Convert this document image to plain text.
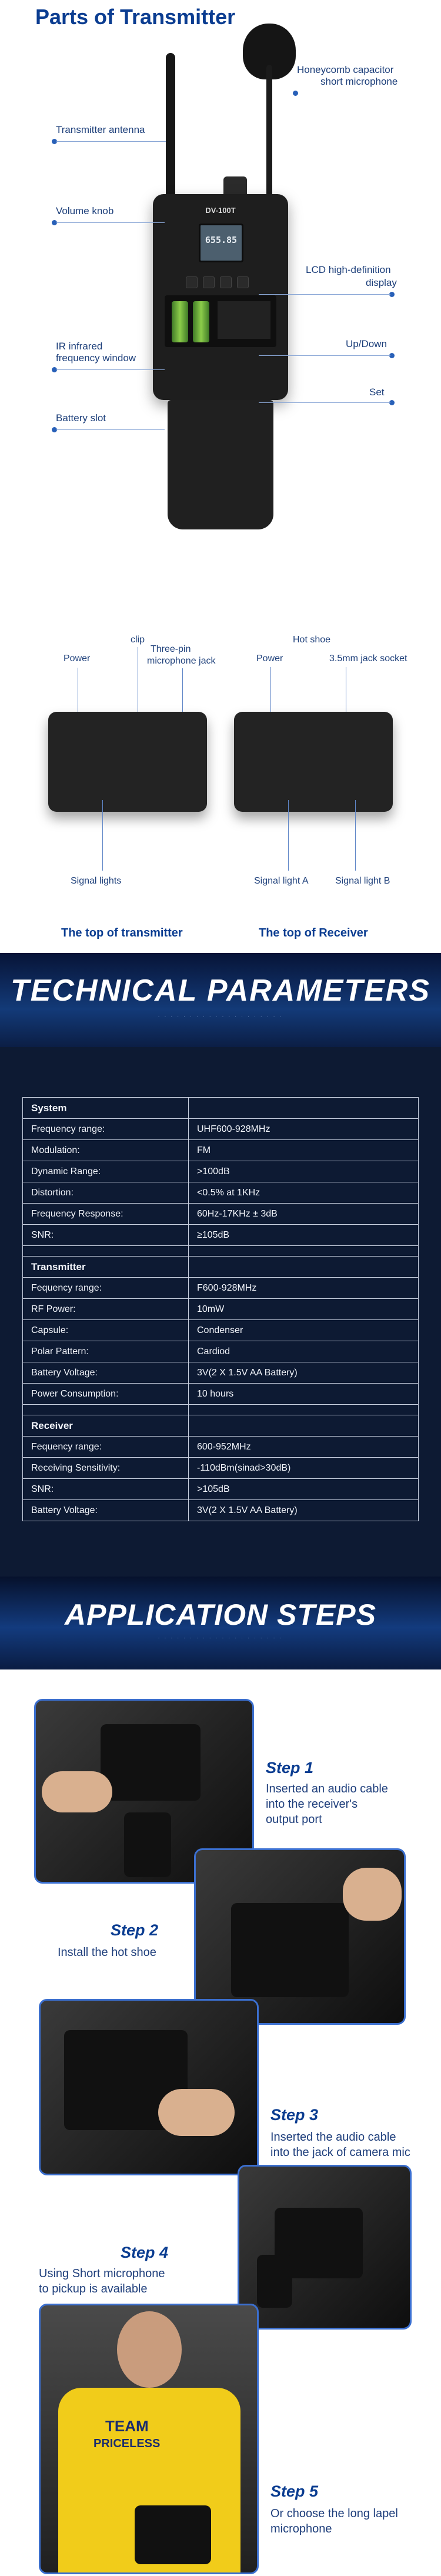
Parts of Transmitter
DV-100T
655.85
Transmitter antenna
Volume knob
IR infrared
frequency window
Battery slot
Honeycomb capacitor
short microphone
LCD high-definition
display
Up/Down
Set
Power
clip
Three-pin
microphone jack
Hot shoe
Power	3.5mm jack socket
Signal lights	Signal light A	Signal light B
The top of transmitter	The top of Receiver
TECHNICAL PARAMETERS
· · · · · · · · · · · · · · · · · · · ·
System	
Frequency range:	UHF600-928MHz
Modulation:	FM
Dynamic Range:	>100dB
Distortion:	<0.5% at 1KHz
Frequency Response:	60Hz-17KHz ± 3dB
SNR:	≥105dB

Transmitter	
Fequency range:	F600-928MHz
RF Power:	10mW
Capsule:	Condenser
Polar Pattern:	Cardiod
Battery Voltage:	3V(2 X 1.5V AA Battery)
Power Consumption:	10 hours

Receiver	
Fequency range:	600-952MHz
Receiving Sensitivity:	-110dBm(sinad>30dB)
SNR:	>105dB
Battery Voltage:	3V(2 X 1.5V AA Battery)
APPLICATION STEPS
· · · · · · · · · · · · · · · · · · · ·
Step 1
Inserted an audio cable
into the receiver's
output port
Step 2
Install the hot shoe
Step 3
Inserted the audio cable
into the jack of camera mic
Step 4
Using Short microphone
to pickup is available
TEAM
PRICELESS
Step 5
Or choose the long lapel
microphone
